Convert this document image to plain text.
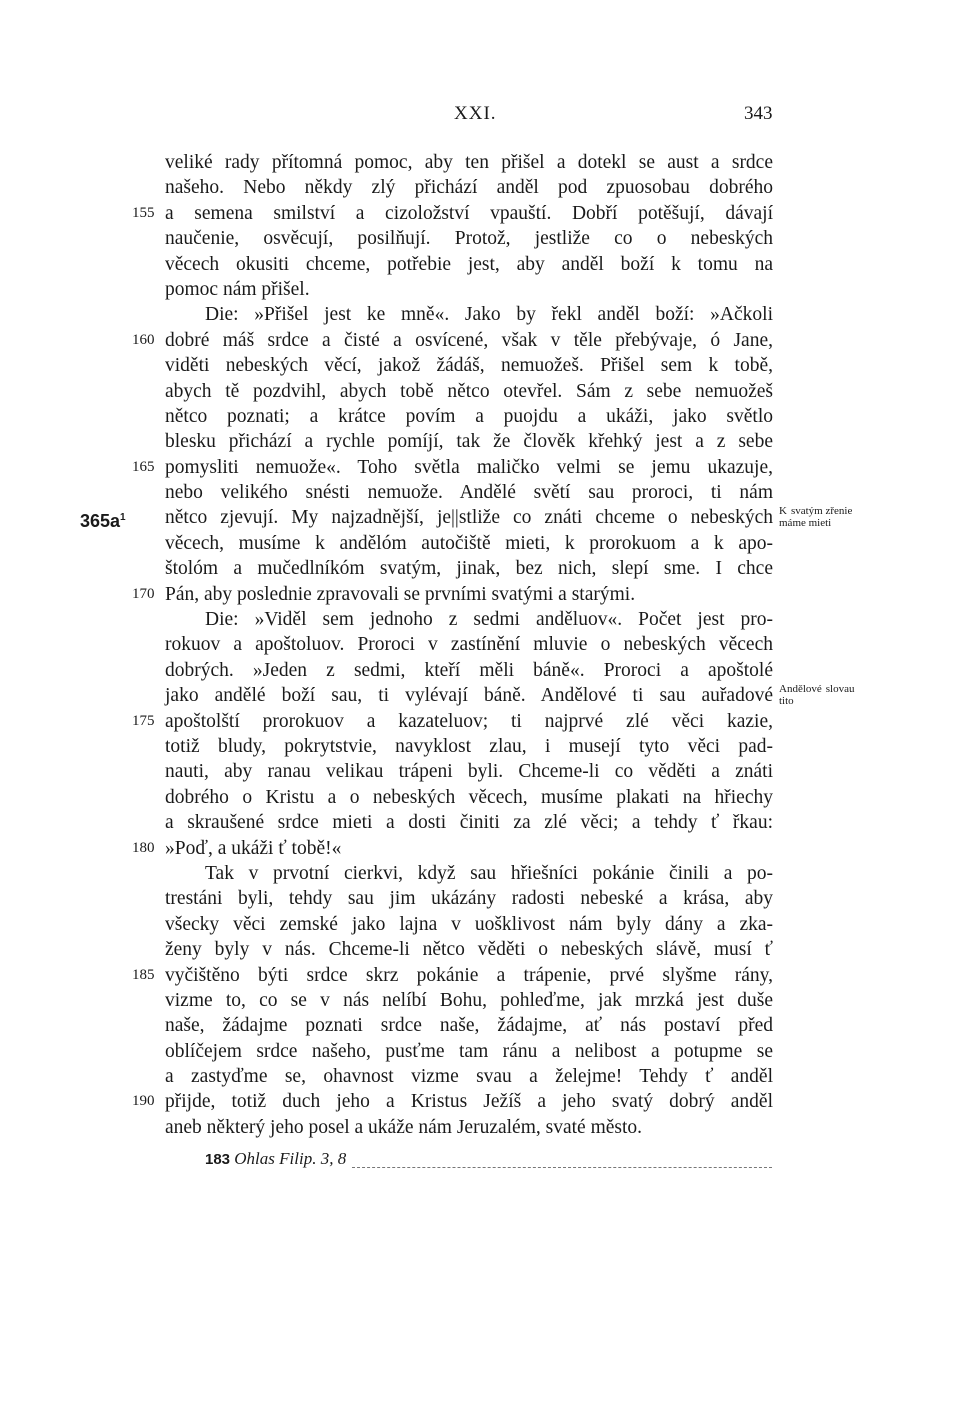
XXI.	343
veliké rady přítomná pomoc, aby ten přišel a dotekl se aust a srdce
našeho. Nebo někdy zlý přichází anděl pod zpuosobau dobrého
155 a semena smilství a cizoložství vpauští. Dobří potěšují, dávají
naučenie, osvěcují, posilňují. Protož, jestliže co o nebeských
věcech okusiti chceme, potřebie jest, aby anděl boží k tomu na
pomoc nám přišel.
Die: »Přišel jest ke mně«. Jako by řekl anděl boží: »Ačkoli
160 dobré máš srdce a čisté a osvícené, však v těle přebývaje, ó Jane,
viděti nebeských věcí, jakož žádáš, nemuožeš. Přišel sem k tobě,
abych tě pozdvihl, abych tobě nětco otevřel. Sám z sebe nemuožeš
nětco poznati; a krátce povím a puojdu a ukáži, jako světlo
blesku přichází a rychle pomíjí, tak že člověk křehký jest a z sebe
165 pomysliti nemuože«. Toho světla maličko velmi se jemu ukazuje,
nebo velikého snésti nemuože. Andělé světí sau proroci, ti nám
nětco zjevují. My najzadnější, je||stliže co znáti chceme o nebeských
$365a^1$
K svatým zřenie
máme mieti
věcech, musíme k andělóm autočiště mieti, k prorokuom a k apo-
štolóm a mučedlníkóm svatým, jinak, bez nich, slepí sme. I chce
170 Pán, aby poslednie zpravovali se prvními svatými a starými.
Die: »Viděl sem jednoho z sedmi anděluov«. Počet jest pro-
rokuov a apoštoluov. Proroci v zastínění mluvie o nebeských věcech
dobrých. »Jeden z sedmi, kteří měli báně«. Proroci a apoštolé
jako andělé boží sau, ti vylévají báně. Andělové ti sau auřadové Andělové slovau
tito
175 apoštolští prorokuov a kazateluov; ti najprvé zlé věci kazie,
totiž bludy, pokrytstvie, navyklost zlau, i musejí tyto věci pad-
nauti, aby ranau velikau trápeni byli. Chceme-li co věděti a znáti
dobrého o Kristu a o nebeských věcech, musíme plakati na hřiechy
a skraušené srdce mieti a dosti činiti za zlé věci; a tehdy ť řkau:
180 »Poď, a ukáži ť tobě!«
Tak v prvotní cierkvi, když sau hřiešníci pokánie činili a po-
trestáni byli, tehdy sau jim ukázány radosti nebeské a krása, aby
všecky věci zemské jako lajna v uošklivost nám byly dány a zka-
ženy byly v nás. Chceme-li nětco věděti o nebeských slávě, musí ť
185 vyčištěno býti srdce skrz pokánie a trápenie, prvé slyšme rány,
vizme to, co se v nás nelíbí Bohu, pohleďme, jak mrzká jest duše
naše, žádajme poznati srdce naše, žádajme, ať nás postaví před
oblíčejem srdce našeho, pusťme tam ránu a nelibost a potupme se
a zastyďme se, ohavnost vizme svau a želejme! Tehdy ť anděl
190 přijde, totiž duch jeho a Kristus Ježíš a jeho svatý dobrý anděl
aneb některý jeho posel a ukáže nám Jeruzalém, svaté město.
183 Ohlas Filip. 3, 8
